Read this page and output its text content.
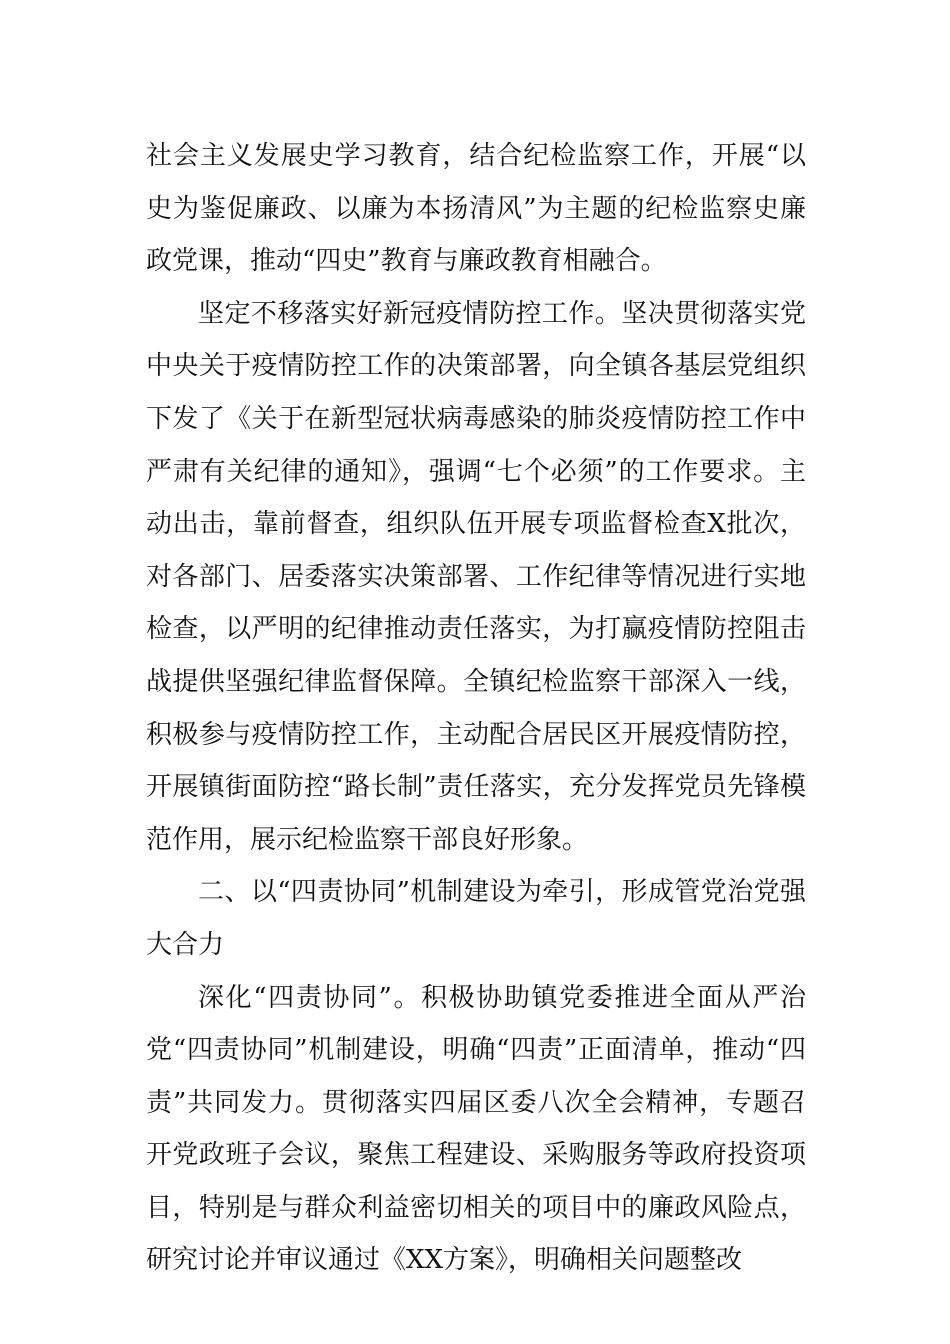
社会主义发展史学习教育，结合纪检监察工作，开展“以史为鉴促廉政、以廉为本扬清风”为主题的纪检监察史廉政党课，推动“四史”教育与廉政教育相融合。

坚定不移落实好新冠疫情防控工作。坚决贯彻落实党中央关于疫情防控工作的决策部署，向全镇各基层党组织下发了《关于在新型冠状病毒感染的肺炎疫情防控工作中严肃有关纪律的通知》，强调“七个必须”的工作要求。主动出击，靠前督查，组织队伍开展专项监督检查X批次，对各部门、居委落实决策部署、工作纪律等情况进行实地检查，以严明的纪律推动责任落实，为打赢疫情防控阻击战提供坚强纪律监督保障。全镇纪检监察干部深入一线，积极参与疫情防控工作，主动配合居民区开展疫情防控，开展镇街面防控“路长制”责任落实，充分发挥党员先锋模范作用，展示纪检监察干部良好形象。

二、以“四责协同”机制建设为牵引，形成管党治党强大合力

深化“四责协同”。积极协助镇党委推进全面从严治党“四责协同”机制建设，明确“四责”正面清单，推动“四责”共同发力。贯彻落实四届区委八次全会精神，专题召开党政班子会议，聚焦工程建设、采购服务等政府投资项目，特别是与群众利益密切相关的项目中的廉政风险点，研究讨论并审议通过《XX方案》，明确相关问题整改
